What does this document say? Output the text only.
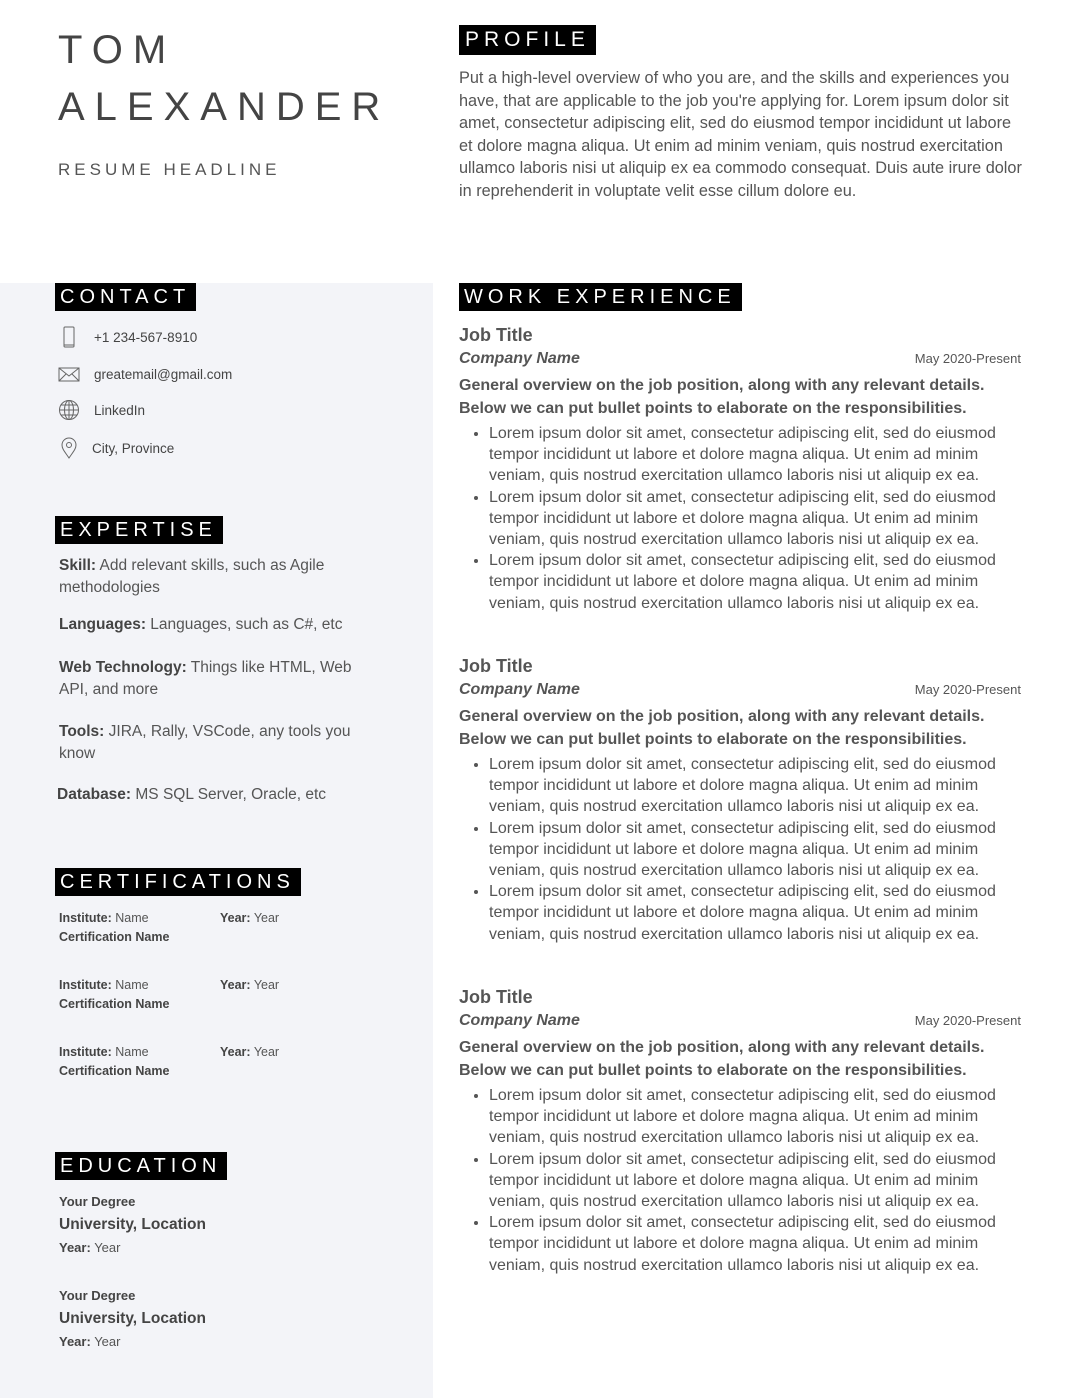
TOM
ALEXANDER
RESUME HEADLINE
PROFILE
Put a high-level overview of who you are, and the skills and experiences you have, that are applicable to the job you're applying for. Lorem ipsum dolor sit amet, consectetur adipiscing elit, sed do eiusmod tempor incididunt ut labore et dolore magna aliqua. Ut enim ad minim veniam, quis nostrud exercitation ullamco laboris nisi ut aliquip ex ea commodo consequat. Duis aute irure dolor in reprehenderit in voluptate velit esse cillum dolore eu.
CONTACT
+1 234-567-8910
greatemail@gmail.com
LinkedIn
City, Province
EXPERTISE
Skill: Add relevant skills, such as Agile methodologies
Languages: Languages, such as C#, etc
Web Technology: Things like HTML, Web API, and more
Tools: JIRA, Rally, VSCode, any tools you know
Database: MS SQL Server, Oracle, etc
CERTIFICATIONS
Institute: Name
Certification Name
Year: Year
Institute: Name
Certification Name
Year: Year
Institute: Name
Certification Name
Year: Year
EDUCATION
Your Degree
University, Location
Year: Year
Your Degree
University, Location
Year: Year
WORK EXPERIENCE
Job Title
Company Name	May 2020-Present
General overview on the job position, along with any relevant details. Below we can put bullet points to elaborate on the responsibilities.
• Lorem ipsum dolor sit amet, consectetur adipiscing elit, sed do eiusmod tempor incididunt ut labore et dolore magna aliqua. Ut enim ad minim veniam, quis nostrud exercitation ullamco laboris nisi ut aliquip ex ea.
• Lorem ipsum dolor sit amet, consectetur adipiscing elit, sed do eiusmod tempor incididunt ut labore et dolore magna aliqua. Ut enim ad minim veniam, quis nostrud exercitation ullamco laboris nisi ut aliquip ex ea.
• Lorem ipsum dolor sit amet, consectetur adipiscing elit, sed do eiusmod tempor incididunt ut labore et dolore magna aliqua. Ut enim ad minim veniam, quis nostrud exercitation ullamco laboris nisi ut aliquip ex ea.
Job Title
Company Name	May 2020-Present
General overview on the job position, along with any relevant details. Below we can put bullet points to elaborate on the responsibilities.
• Lorem ipsum dolor sit amet, consectetur adipiscing elit, sed do eiusmod tempor incididunt ut labore et dolore magna aliqua. Ut enim ad minim veniam, quis nostrud exercitation ullamco laboris nisi ut aliquip ex ea.
• Lorem ipsum dolor sit amet, consectetur adipiscing elit, sed do eiusmod tempor incididunt ut labore et dolore magna aliqua. Ut enim ad minim veniam, quis nostrud exercitation ullamco laboris nisi ut aliquip ex ea.
• Lorem ipsum dolor sit amet, consectetur adipiscing elit, sed do eiusmod tempor incididunt ut labore et dolore magna aliqua. Ut enim ad minim veniam, quis nostrud exercitation ullamco laboris nisi ut aliquip ex ea.
Job Title
Company Name	May 2020-Present
General overview on the job position, along with any relevant details. Below we can put bullet points to elaborate on the responsibilities.
• Lorem ipsum dolor sit amet, consectetur adipiscing elit, sed do eiusmod tempor incididunt ut labore et dolore magna aliqua. Ut enim ad minim veniam, quis nostrud exercitation ullamco laboris nisi ut aliquip ex ea.
• Lorem ipsum dolor sit amet, consectetur adipiscing elit, sed do eiusmod tempor incididunt ut labore et dolore magna aliqua. Ut enim ad minim veniam, quis nostrud exercitation ullamco laboris nisi ut aliquip ex ea.
• Lorem ipsum dolor sit amet, consectetur adipiscing elit, sed do eiusmod tempor incididunt ut labore et dolore magna aliqua. Ut enim ad minim veniam, quis nostrud exercitation ullamco laboris nisi ut aliquip ex ea.
